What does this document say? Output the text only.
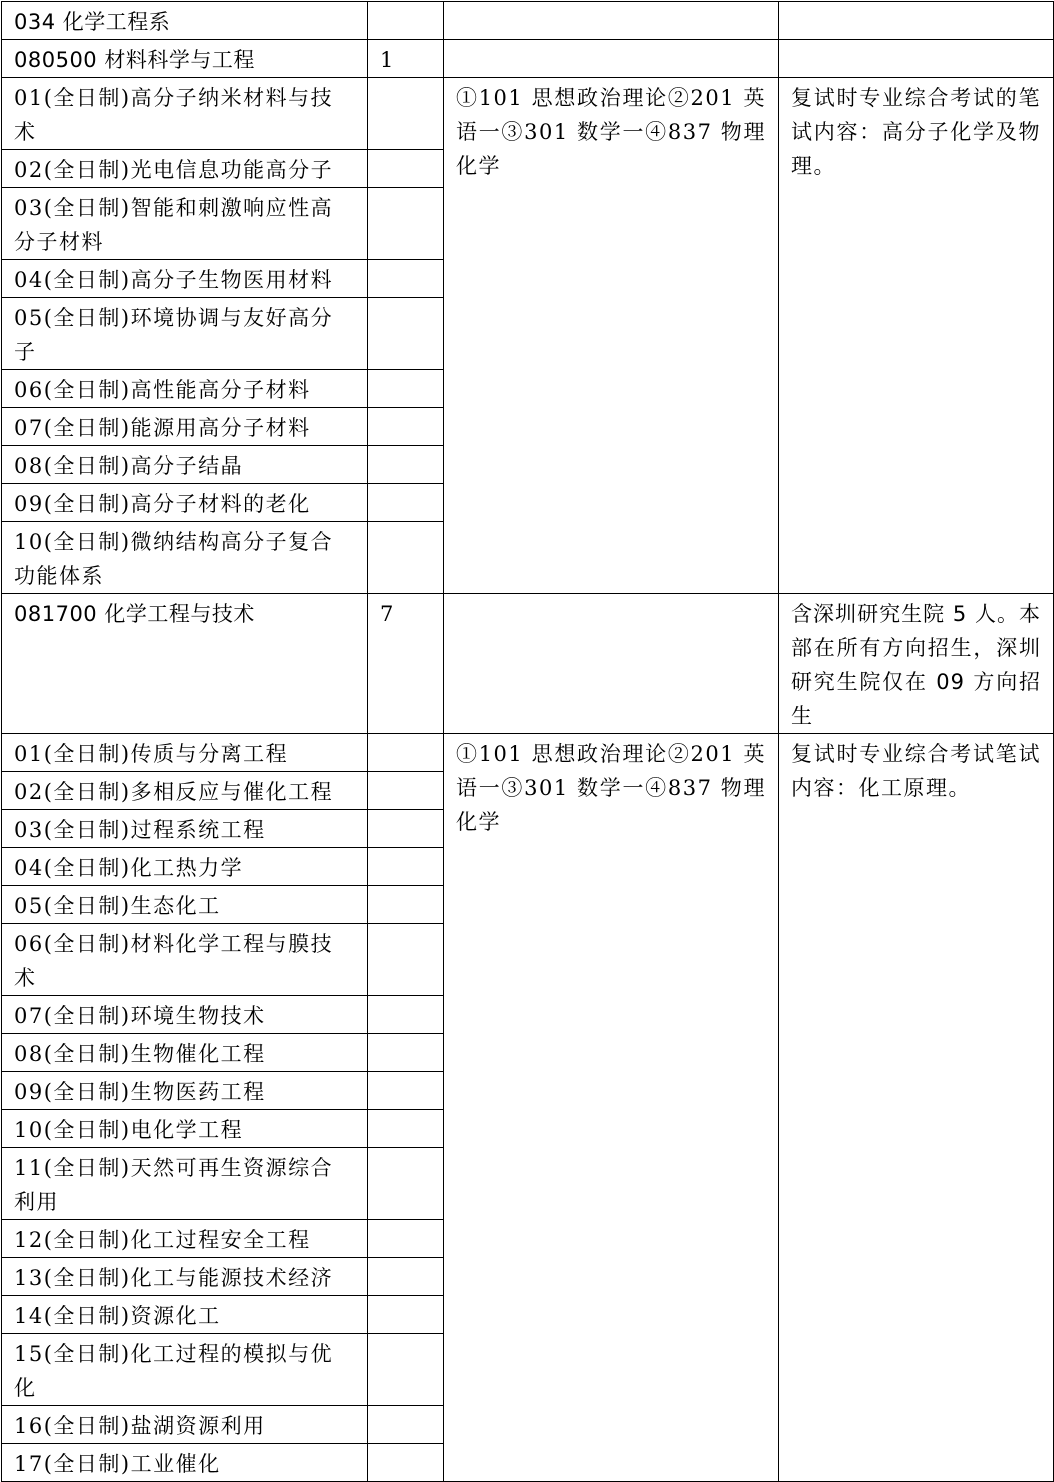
034 化学工程系			
080500 材料科学与工程	1		
01(全日制)高分子纳米材料与技术		①101 思想政治理论②201 英语一③301 数学一④837 物理化学	复试时专业综合考试的笔试内容：高分子化学及物理。
02(全日制)光电信息功能高分子			
03(全日制)智能和刺激响应性高分子材料			
04(全日制)高分子生物医用材料			
05(全日制)环境协调与友好高分子			
06(全日制)高性能高分子材料			
07(全日制)能源用高分子材料			
08(全日制)高分子结晶			
09(全日制)高分子材料的老化			
10(全日制)微纳结构高分子复合功能体系			
081700 化学工程与技术	7		含深圳研究生院 5 人。本部在所有方向招生，深圳研究生院仅在 09 方向招生
01(全日制)传质与分离工程		①101 思想政治理论②201 英语一③301 数学一④837 物理化学	复试时专业综合考试笔试内容：化工原理。
02(全日制)多相反应与催化工程			
03(全日制)过程系统工程			
04(全日制)化工热力学			
05(全日制)生态化工			
06(全日制)材料化学工程与膜技术			
07(全日制)环境生物技术			
08(全日制)生物催化工程			
09(全日制)生物医药工程			
10(全日制)电化学工程			
11(全日制)天然可再生资源综合利用			
12(全日制)化工过程安全工程			
13(全日制)化工与能源技术经济			
14(全日制)资源化工			
15(全日制)化工过程的模拟与优化			
16(全日制)盐湖资源利用			
17(全日制)工业催化			
